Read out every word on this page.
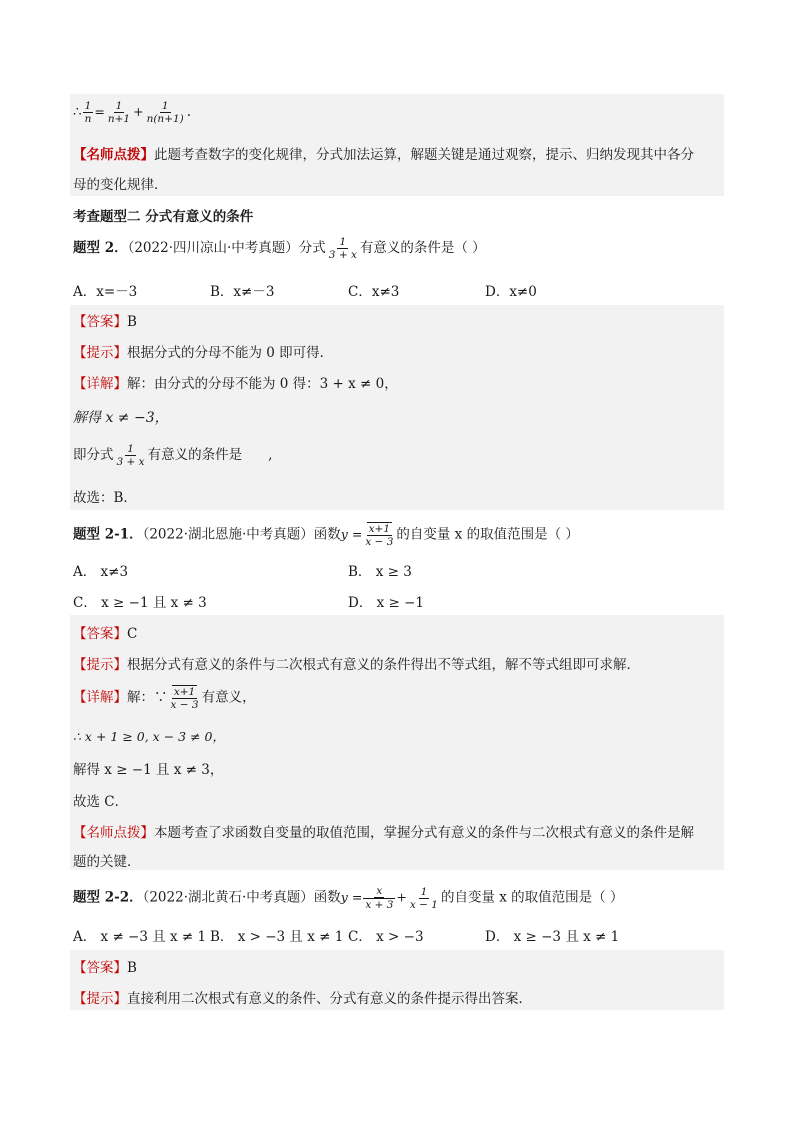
∴ $\frac{1}{n} = \frac{1}{n+1} + \frac{1}{n(n+1)}$ .
【名师点拨】此题考查数字的变化规律，分式加法运算，解题关键是通过观察，提示、归纳发现其中各分
母的变化规律．
考查题型二 分式有意义的条件
题型 2．（2022·四川凉山·中考真题）分式 $\frac{1}{3 + x}$ 有意义的条件是（ ）
A．x=－3	B．x≠－3	C．x≠3	D．x≠0
【答案】B
【提示】根据分式的分母不能为 0 即可得．
【详解】解：由分式的分母不能为 0 得：3 + x ≠ 0，
解得 x ≠ −3，
即分式 $\frac{1}{3 + x}$ 有意义的条件是 ,
故选：B．
题型 2-1．（2022·湖北恩施·中考真题）函数$y = \frac{x+1}{x - 3}$ 的自变量 x 的取值范围是（ ）
A． x≠3	B． x ≥ 3
C． x ≥ −1 且 x ≠ 3	D． x ≥ −1
【答案】C
【提示】根据分式有意义的条件与二次根式有意义的条件得出不等式组，解不等式组即可求解．
【详解】解：∵ $\frac{x+1}{x - 3}$ 有意义，
∴ x + 1 ≥ 0, x − 3 ≠ 0，
解得 x ≥ −1 且 x ≠ 3，
故选 C．
【名师点拨】本题考查了求函数自变量的取值范围，掌握分式有意义的条件与二次根式有意义的条件是解
题的关键．
题型 2-2．（2022·湖北黄石·中考真题）函数$y = \frac{x}{x + 3} + \frac{1}{x - 1}$ 的自变量 x 的取值范围是（ ）
A． x ≠ −3 且 x ≠ 1 B． x > −3 且 x ≠ 1 C． x > −3	D． x ≥ −3 且 x ≠ 1
【答案】B
【提示】直接利用二次根式有意义的条件、分式有意义的条件提示得出答案．
